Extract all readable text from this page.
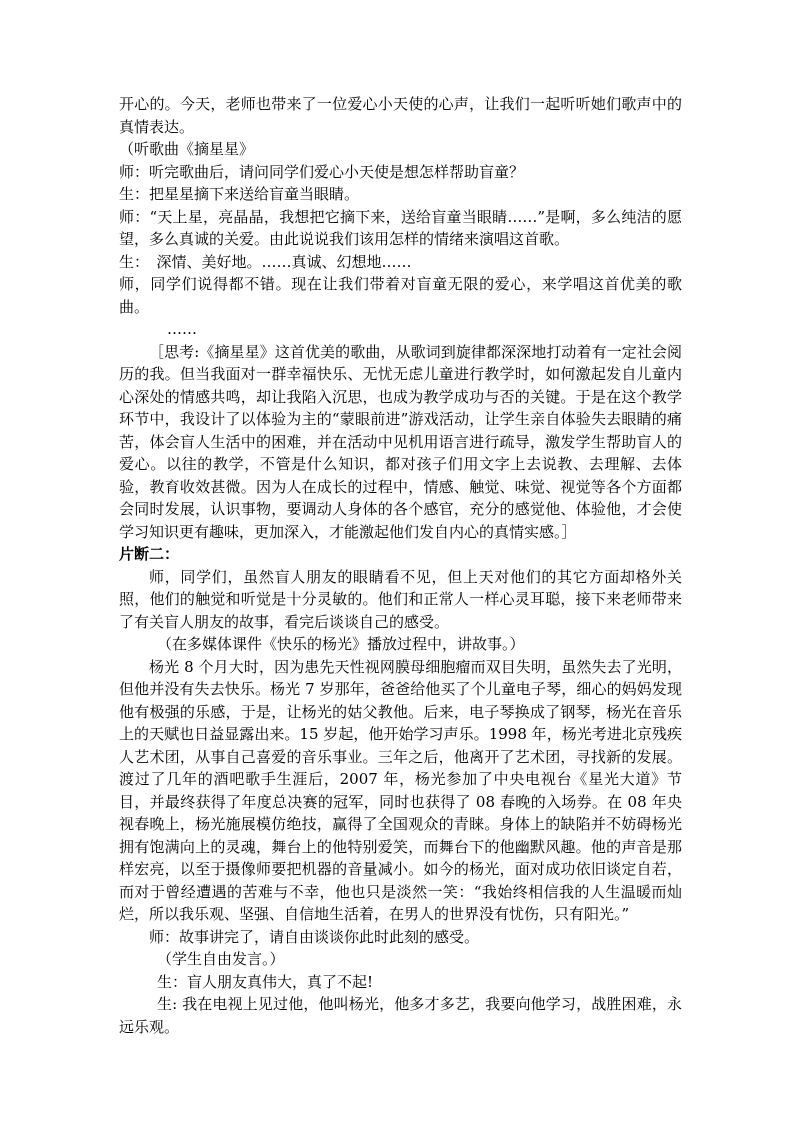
开心的。今天，老师也带来了一位爱心小天使的心声，让我们一起听听她们歌声中的真情表达。

（听歌曲《摘星星》

师：听完歌曲后，请问同学们爱心小天使是想怎样帮助盲童？

生：把星星摘下来送给盲童当眼睛。

师：“天上星，亮晶晶，我想把它摘下来，送给盲童当眼睛……”是啊，多么纯洁的愿望，多么真诚的关爱。由此说说我们该用怎样的情绪来演唱这首歌。

生：　深情、美好地。……真诚、幻想地……

师，同学们说得都不错。现在让我们带着对盲童无限的爱心，来学唱这首优美的歌曲。

……

［思考:《摘星星》这首优美的歌曲，从歌词到旋律都深深地打动着有一定社会阅历的我。但当我面对一群幸福快乐、无忧无虑儿童进行教学时，如何激起发自儿童内心深处的情感共鸣，却让我陷入沉思，也成为教学成功与否的关键。于是在这个教学环节中，我设计了以体验为主的“蒙眼前进”游戏活动，让学生亲自体验失去眼睛的痛苦，体会盲人生活中的困难，并在活动中见机用语言进行疏导，激发学生帮助盲人的爱心。以往的教学，不管是什么知识，都对孩子们用文字上去说教、去理解、去体验，教育收效甚微。因为人在成长的过程中，情感、触觉、味觉、视觉等各个方面都会同时发展，认识事物，要调动人身体的各个感官，充分的感觉他、体验他，才会使学习知识更有趣味，更加深入，才能激起他们发自内心的真情实感。］

片断二：

师，同学们，虽然盲人朋友的眼睛看不见，但上天对他们的其它方面却格外关照，他们的触觉和听觉是十分灵敏的。他们和正常人一样心灵耳聪，接下来老师带来了有关盲人朋友的故事，看完后谈谈自己的感受。

（在多媒体课件《快乐的杨光》播放过程中，讲故事。）

杨光 8 个月大时，因为患先天性视网膜母细胞瘤而双目失明，虽然失去了光明，但他并没有失去快乐。杨光 7 岁那年，爸爸给他买了个儿童电子琴，细心的妈妈发现他有极强的乐感，于是，让杨光的姑父教他。后来，电子琴换成了钢琴，杨光在音乐上的天赋也日益显露出来。15 岁起，他开始学习声乐。1998 年，杨光考进北京残疾人艺术团，从事自己喜爱的音乐事业。三年之后，他离开了艺术团，寻找新的发展。渡过了几年的酒吧歌手生涯后，2007 年，杨光参加了中央电视台《星光大道》节目，并最终获得了年度总决赛的冠军，同时也获得了 08 春晚的入场券。在 08 年央视春晚上，杨光施展模仿绝技，赢得了全国观众的青睐。身体上的缺陷并不妨碍杨光拥有饱满向上的灵魂，舞台上的他特别爱笑，而舞台下的他幽默风趣。他的声音是那样宏亮，以至于摄像师要把机器的音量减小。如今的杨光，面对成功依旧谈定自若，而对于曾经遭遇的苦难与不幸，他也只是淡然一笑：“我始终相信我的人生温暖而灿烂，所以我乐观、坚强、自信地生活着，在男人的世界没有忧伤，只有阳光。”

师：故事讲完了，请自由谈谈你此时此刻的感受。

（学生自由发言。）

生：盲人朋友真伟大，真了不起!

生: 我在电视上见过他，他叫杨光，他多才多艺，我要向他学习，战胜困难，永远乐观。
